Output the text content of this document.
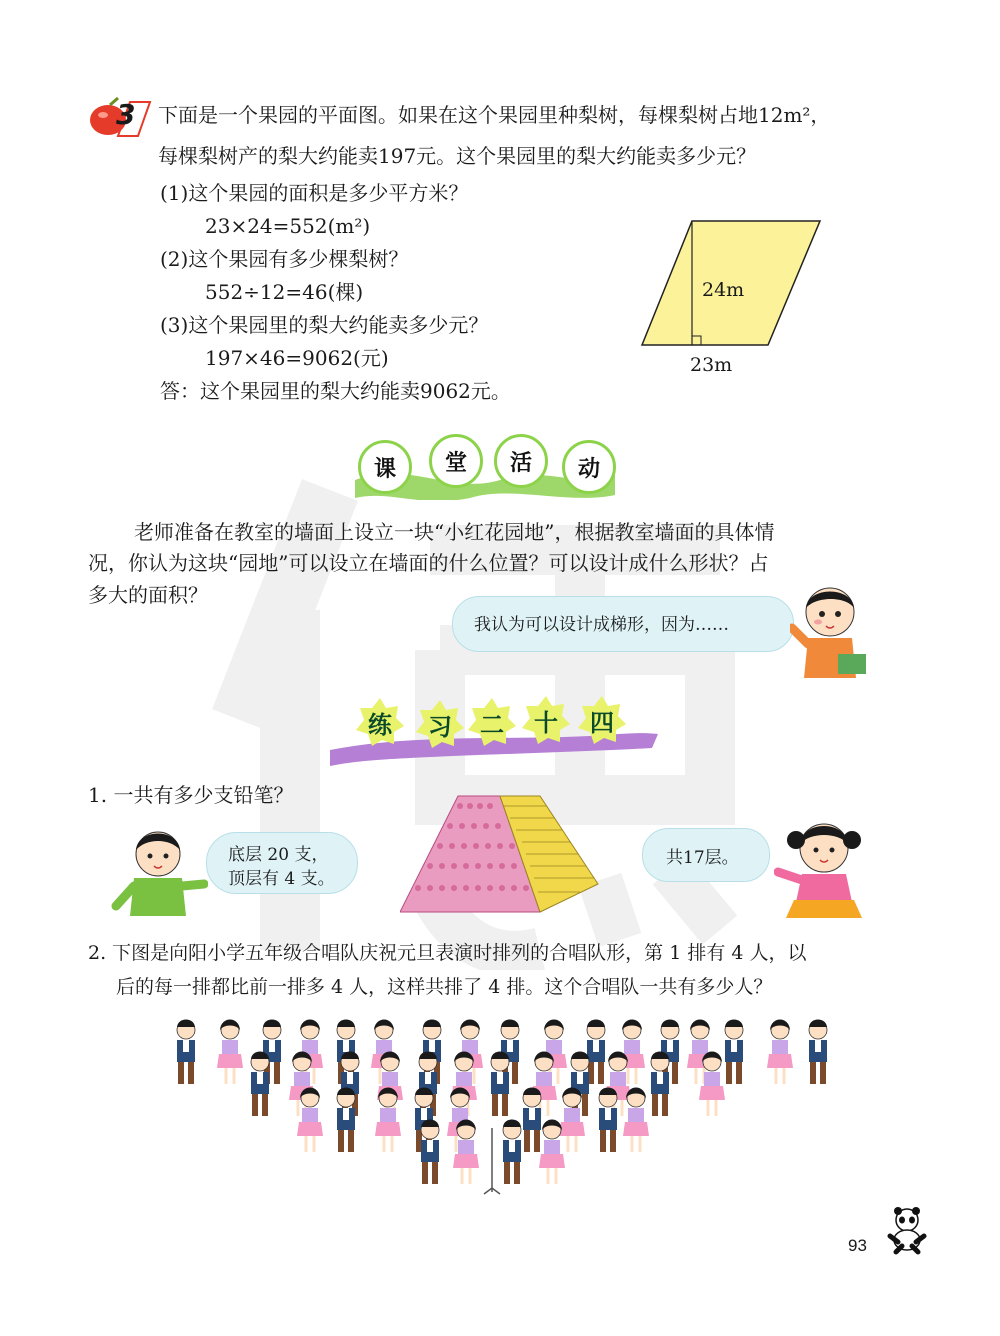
3 下面是一个果园的平面图。如果在这个果园里种梨树，每棵梨树占地12m²，
每棵梨树产的梨大约能卖197元。这个果园里的梨大约能卖多少元？
(1)这个果园的面积是多少平方米？
23×24=552(m²)
(2)这个果园有多少棵梨树？
552÷12=46(棵)
(3)这个果园里的梨大约能卖多少元？
197×46=9062(元)
答：这个果园里的梨大约能卖9062元。
24m
23m
课	堂	活	动
老师准备在教室的墙面上设立一块“小红花园地”，根据教室墙面的具体情
况，你认为这块“园地”可以设立在墙面的什么位置？可以设计成什么形状？占
多大的面积？
我认为可以设计成梯形，因为……
练 习 二 十 四
1. 一共有多少支铅笔？
底层 20 支，
顶层有 4 支。
共17层。
2. 下图是向阳小学五年级合唱队庆祝元旦表演时排列的合唱队形，第 1 排有 4 人，以
后的每一排都比前一排多 4 人，这样共排了 4 排。这个合唱队一共有多少人？
93
